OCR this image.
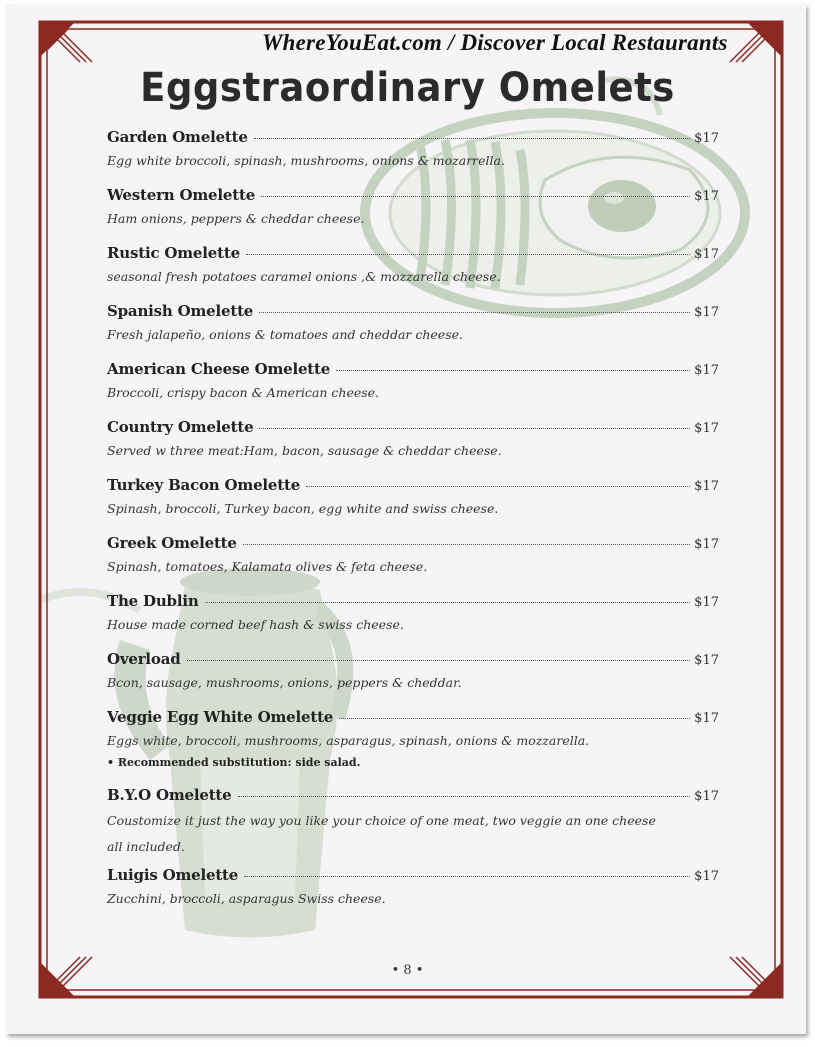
WhereYouEat.com / Discover Local Restaurants
Eggstraordinary Omelets
Garden Omelette	$17
Egg white broccoli, spinash, mushrooms, onions & mozarrella.
Western Omelette	$17
Ham onions, peppers & cheddar cheese.
Rustic Omelette	$17
seasonal fresh potatoes caramel onions ,& mozzarella cheese.
Spanish Omelette	$17
Fresh jalapeño, onions & tomatoes and cheddar cheese.
American Cheese Omelette	$17
Broccoli, crispy bacon & American cheese.
Country Omelette	$17
Served w three meat:Ham, bacon, sausage & cheddar cheese.
Turkey Bacon Omelette	$17
Spinash, broccoli, Turkey bacon, egg white and swiss cheese.
Greek Omelette	$17
Spinash, tomatoes, Kalamata olives & feta cheese.
The Dublin	$17
House made corned beef hash & swiss cheese.
Overload	$17
Bcon, sausage, mushrooms, onions, peppers & cheddar.
Veggie Egg White Omelette	$17
Eggs white, broccoli, mushrooms, asparagus, spinash, onions & mozzarella.
• Recommended substitution: side salad.
B.Y.O Omelette	$17
Coustomize it just the way you like your choice of one meat, two veggie an one cheese all included.
Luigis Omelette	$17
Zucchini, broccoli, asparagus Swiss cheese.
• 8 •
